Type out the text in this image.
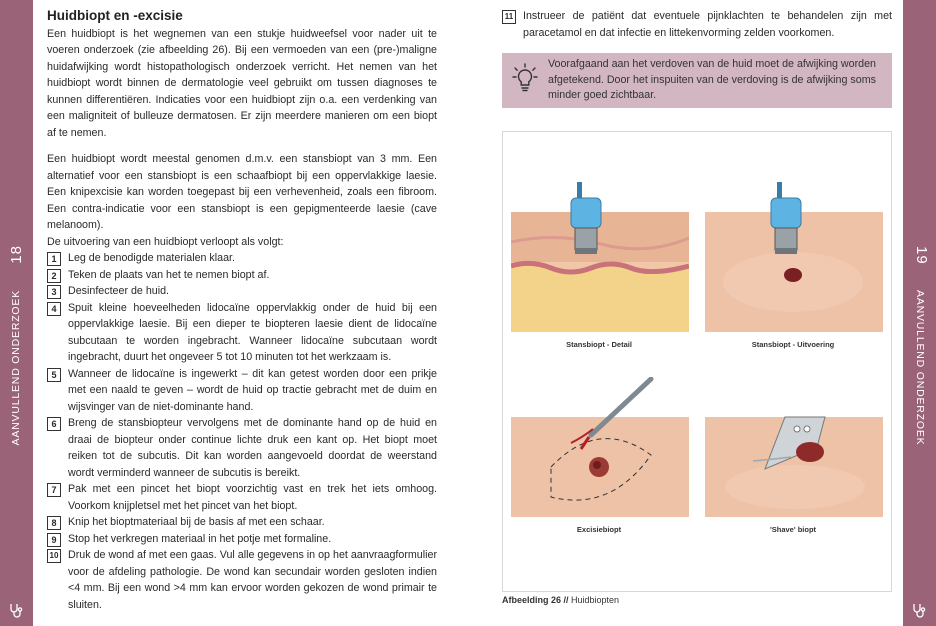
18
AANVULLEND ONDERZOEK
19
AANVULLEND ONDERZOEK
Huidbiopt en -excisie

Een huidbiopt is het wegnemen van een stukje huidweefsel voor nader uit te voeren onderzoek (zie afbeelding 26). Bij een vermoeden van een (pre-)maligne huidafwijking wordt histopathologisch onderzoek verricht. Het nemen van het huidbiopt wordt binnen de dermatologie veel gebruikt om tussen diagnoses te kunnen differentiëren. Indicaties voor een huidbiopt zijn o.a. een verdenking van een maligniteit of bulleuze dermatosen. Er zijn meerdere manieren om een biopt af te nemen.

Een huidbiopt wordt meestal genomen d.m.v. een stansbiopt van 3 mm. Een alternatief voor een stansbiopt is een schaafbiopt bij een oppervlakkige laesie. Een knipexcisie kan worden toegepast bij een verhevenheid, zoals een fibroom. Een contra-indicatie voor een stansbiopt is een gepigmenteerde laesie (cave melanoom).

De uitvoering van een huidbiopt verloopt als volgt:

1	Leg de benodigde materialen klaar.
2	Teken de plaats van het te nemen biopt af.
3	Desinfecteer de huid.
4	Spuit kleine hoeveelheden lidocaïne oppervlakkig onder de huid bij een oppervlakkige laesie. Bij een dieper te biopteren laesie dient de lidocaïne subcutaan te worden ingebracht. Wanneer lidocaïne subcutaan wordt ingebracht, duurt het ongeveer 5 tot 10 minuten tot het werkzaam is.
5	Wanneer de lidocaïne is ingewerkt – dit kan getest worden door een prikje met een naald te geven – wordt de huid op tractie gebracht met de duim en wijsvinger van de niet-dominante hand.
6	Breng de stansbiopteur vervolgens met de dominante hand op de huid en draai de biopteur onder continue lichte druk een kant op. Het biopt moet reiken tot de subcutis. Dit kan worden aangevoeld doordat de weerstand wordt verminderd wanneer de subcutis is bereikt.
7	Pak met een pincet het biopt voorzichtig vast en trek het iets omhoog. Voorkom knijpletsel met het pincet van het biopt.
8	Knip het bioptmateriaal bij de basis af met een schaar.
9	Stop het verkregen materiaal in het potje met formaline.
10 Druk de wond af met een gaas. Vul alle gegevens in op het aanvraagformulier voor de afdeling pathologie. De wond kan secundair worden gesloten indien <4 mm. Bij een wond >4 mm kan ervoor worden gekozen de wond primair te sluiten.
11 Instrueer de patiënt dat eventuele pijnklachten te behandelen zijn met paracetamol en dat infectie en littekenvorming zelden voorkomen.
Voorafgaand aan het verdoven van de huid moet de afwijking worden afgetekend. Door het inspuiten van de verdoving is de afwijking soms minder goed zichtbaar.
Stansbiopt - Detail	Stansbiopt - Uitvoering
Excisiebiopt	'Shave' biopt
Afbeelding 26 // Huidbiopten
